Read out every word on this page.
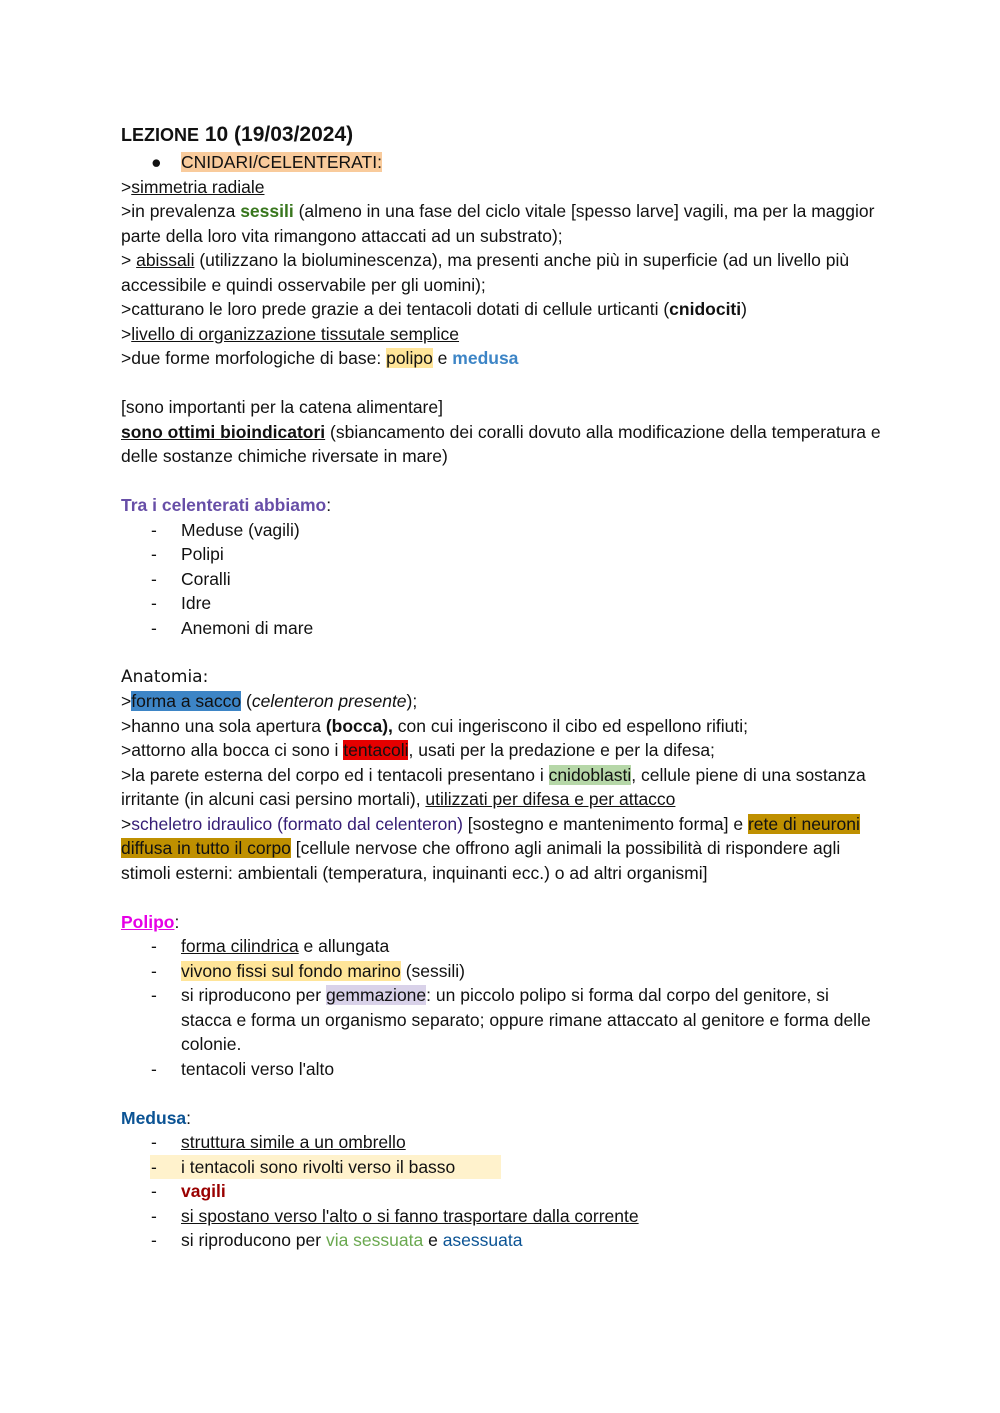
LEZIONE 10 (19/03/2024)
● CNIDARI/CELENTERATI:
>simmetria radiale
>in prevalenza sessili (almeno in una fase del ciclo vitale [spesso larve] vagili, ma per la maggior parte della loro vita rimangono attaccati ad un substrato);
> abissali (utilizzano la bioluminescenza), ma presenti anche più in superficie (ad un livello più accessibile e quindi osservabile per gli uomini);
>catturano le loro prede grazie a dei tentacoli dotati di cellule urticanti (cnidociti)
>livello di organizzazione tissutale semplice
>due forme morfologiche di base: polipo e medusa
[sono importanti per la catena alimentare]
sono ottimi bioindicatori (sbiancamento dei coralli dovuto alla modificazione della temperatura e delle sostanze chimiche riversate in mare)
Tra i celenterati abbiamo:
- Meduse (vagili)
- Polipi
- Coralli
- Idre
- Anemoni di mare
Anatomia:
>forma a sacco (celenteron presente);
>hanno una sola apertura (bocca), con cui ingeriscono il cibo ed espellono rifiuti;
>attorno alla bocca ci sono i tentacoli, usati per la predazione e per la difesa;
>la parete esterna del corpo ed i tentacoli presentano i cnidoblasti, cellule piene di una sostanza irritante (in alcuni casi persino mortali), utilizzati per difesa e per attacco
>scheletro idraulico (formato dal celenteron) [sostegno e mantenimento forma] e rete di neuroni diffusa in tutto il corpo [cellule nervose che offrono agli animali la possibilità di rispondere agli stimoli esterni: ambientali (temperatura, inquinanti ecc.) o ad altri organismi]
Polipo:
- forma cilindrica e allungata
- vivono fissi sul fondo marino (sessili)
- si riproducono per gemmazione: un piccolo polipo si forma dal corpo del genitore, si stacca e forma un organismo separato; oppure rimane attaccato al genitore e forma delle colonie.
- tentacoli verso l'alto
Medusa:
- struttura simile a un ombrello
- i tentacoli sono rivolti verso il basso
- vagili
- si spostano verso l'alto o si fanno trasportare dalla corrente
- si riproducono per via sessuata e asessuata
